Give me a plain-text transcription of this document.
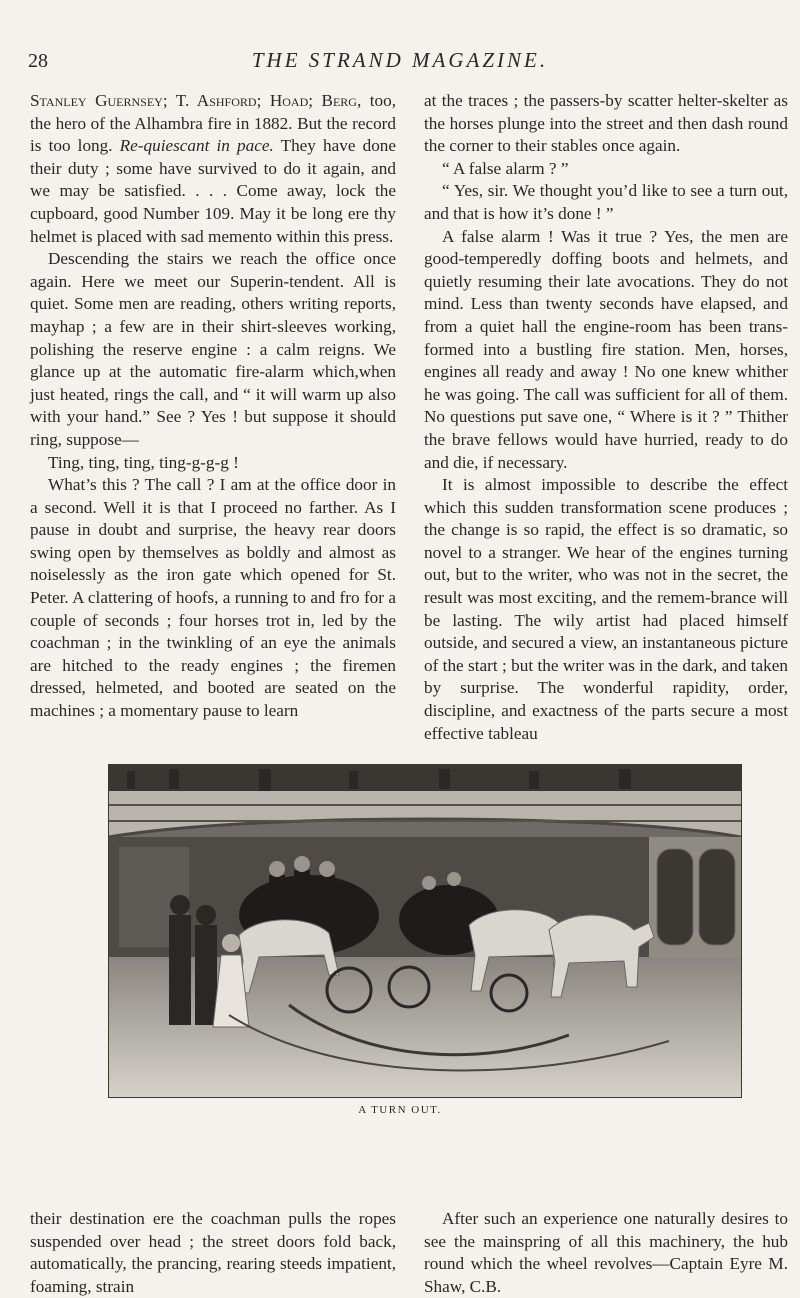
28	THE STRAND MAGAZINE.

Stanley Guernsey; T. Ashford; Hoad; Berg, too, the hero of the Alhambra fire in 1882. But the record is too long. Re-quiescant in pace. They have done their duty ; some have survived to do it again, and we may be satisfied. . . . Come away, lock the cupboard, good Number 109. May it be long ere thy helmet is placed with sad memento within this press.

Descending the stairs we reach the office once again. Here we meet our Superin-tendent. All is quiet. Some men are reading, others writing reports, mayhap ; a few are in their shirt-sleeves working, polishing the reserve engine : a calm reigns. We glance up at the automatic fire-alarm which,when just heated, rings the call, and “ it will warm up also with your hand.” See ? Yes ! but suppose it should ring, suppose—

Ting, ting, ting, ting-g-g-g !

What’s this ? The call ? I am at the office door in a second. Well it is that I proceed no farther. As I pause in doubt and surprise, the heavy rear doors swing open by themselves as boldly and almost as noiselessly as the iron gate which opened for St. Peter. A clattering of hoofs, a running to and fro for a couple of seconds ; four horses trot in, led by the coachman ; in the twinkling of an eye the animals are hitched to the ready engines ; the firemen dressed, helmeted, and booted are seated on the machines ; a momentary pause to learn

at the traces ; the passers-by scatter helter-skelter as the horses plunge into the street and then dash round the corner to their stables once again.

“ A false alarm ? ”

“ Yes, sir. We thought you’d like to see a turn out, and that is how it’s done ! ”

A false alarm ! Was it true ? Yes, the men are good-temperedly doffing boots and helmets, and quietly resuming their late avocations. They do not mind. Less than twenty seconds have elapsed, and from a quiet hall the engine-room has been trans-formed into a bustling fire station. Men, horses, engines all ready and away ! No one knew whither he was going. The call was sufficient for all of them. No questions put save one, “ Where is it ? ” Thither the brave fellows would have hurried, ready to do and die, if necessary.

It is almost impossible to describe the effect which this sudden transformation scene produces ; the change is so rapid, the effect is so dramatic, so novel to a stranger. We hear of the engines turning out, but to the writer, who was not in the secret, the result was most exciting, and the remem-brance will be lasting. The wily artist had placed himself outside, and secured a view, an instantaneous picture of the start ; but the writer was in the dark, and taken by surprise. The wonderful rapidity, order, discipline, and exactness of the parts secure a most effective tableau

A TURN OUT.

their destination ere the coachman pulls the ropes suspended over head ; the street doors fold back, automatically, the prancing, rearing steeds impatient, foaming, strain

After such an experience one naturally desires to see the mainspring of all this machinery, the hub round which the wheel revolves—Captain Eyre M. Shaw, C.B.
